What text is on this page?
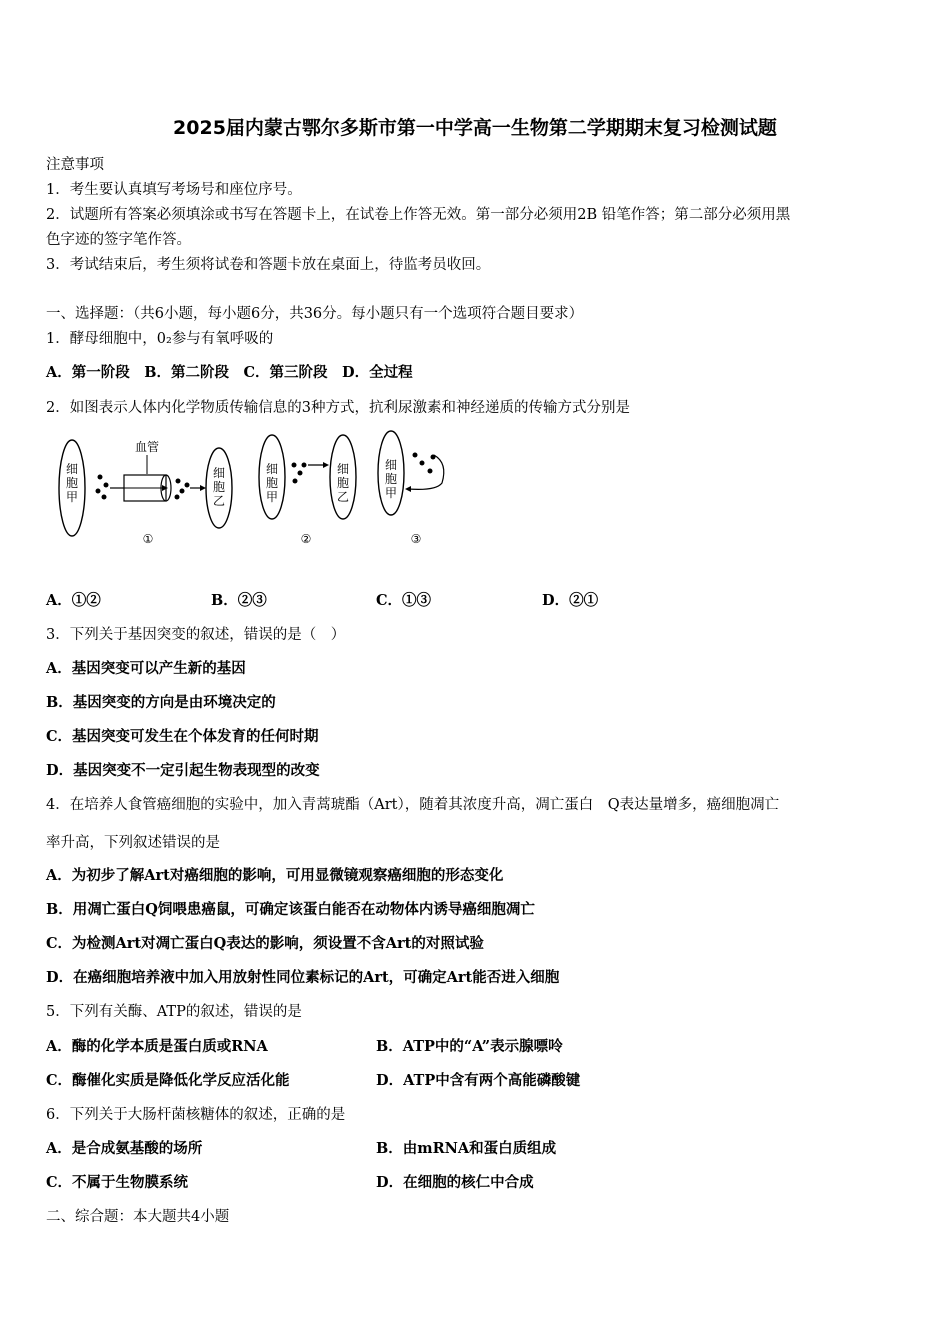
2025届内蒙古鄂尔多斯市第一中学高一生物第二学期期末复习检测试题
注意事项
1．考生要认真填写考场号和座位序号。
2．试题所有答案必须填涂或书写在答题卡上，在试卷上作答无效。第一部分必须用2B 铅笔作答；第二部分必须用黑
色字迹的签字笔作答。
3．考试结束后，考生须将试卷和答题卡放在桌面上，待监考员收回。
一、选择题：（共6小题，每小题6分，共36分。每小题只有一个选项符合题目要求）
1．酵母细胞中，0₂参与有氧呼吸的
A．第一阶段　B．第二阶段　C．第三阶段　D．全过程
2．如图表示人体内化学物质传输信息的3种方式，抗利尿激素和神经递质的传输方式分别是
细胞甲
血管
细胞乙
①
细胞甲
细胞乙
②
细胞甲
③
A．①②	B．②③	C．①③	D．②①
3．下列关于基因突变的叙述，错误的是（　）
A．基因突变可以产生新的基因
B．基因突变的方向是由环境决定的
C．基因突变可发生在个体发育的任何时期
D．基因突变不一定引起生物表现型的改变
4．在培养人食管癌细胞的实验中，加入青蒿琥酯（Art），随着其浓度升高，凋亡蛋白　Q表达量增多，癌细胞凋亡
率升高，下列叙述错误的是
A．为初步了解Art对癌细胞的影响，可用显微镜观察癌细胞的形态变化
B．用凋亡蛋白Q饲喂患癌鼠，可确定该蛋白能否在动物体内诱导癌细胞凋亡
C．为检测Art对凋亡蛋白Q表达的影响，须设置不含Art的对照试验
D．在癌细胞培养液中加入用放射性同位素标记的Art，可确定Art能否进入细胞
5．下列有关酶、ATP的叙述，错误的是
A．酶的化学本质是蛋白质或RNA	B．ATP中的“A”表示腺嘌呤
C．酶催化实质是降低化学反应活化能	D．ATP中含有两个高能磷酸键
6．下列关于大肠杆菌核糖体的叙述，正确的是
A．是合成氨基酸的场所	B．由mRNA和蛋白质组成
C．不属于生物膜系统	D．在细胞的核仁中合成
二、综合题：本大题共4小题
